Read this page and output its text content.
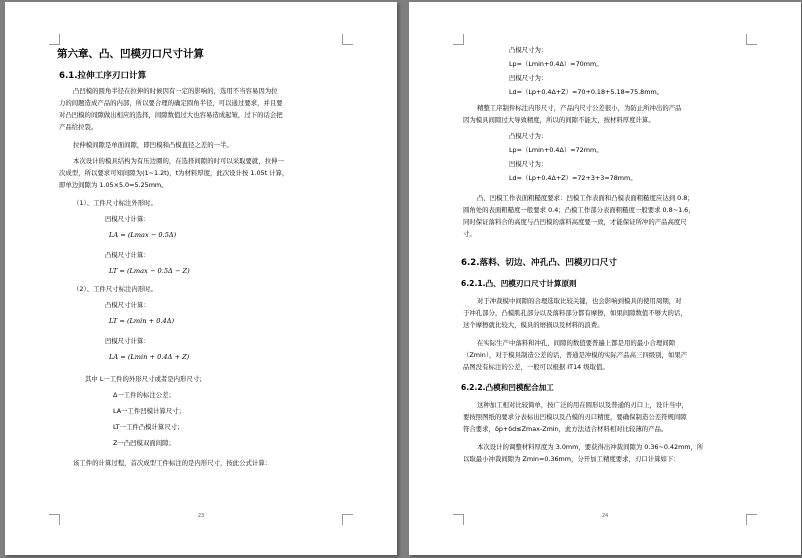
第六章、凸、凹模刃口尺寸计算
6.1.拉伸工序刃口计算
凸凹模的圆角半径在拉伸的时候因有一定的影响的，选用不当容易因为拉
力的间题造成产品的内部，所以要合理的确定圆角半径，可以通过要求，并且要
对凸凹模的间隙做出相应的选择，间隙数值过大也容易造成起皱，过下的话会把
产品给拉裂。
拉伸模间隙是单面间隙，即凹模和凸模直径之差的一半。
本次设计的模具结构为有压边圈的，在选择间隙的时可以采取要就，拉伸一
次成型，所以要求可知间隙为(1~1.2t)，t为材料厚度，此次设计按 1.05t 计算，
即单边间隙为 1.05×5.0=5.25mm。
（1）、工件尺寸标注外形时。
凹模尺寸计算：
LA = (Lmax − 0.5Δ)
凸模尺寸计算：
LT = (Lmax − 0.5Δ − Z)
（2）、工件尺寸标注内形时。
凸模尺寸计算：
LT = (Lmin + 0.4Δ)
凹模尺寸计算：
LA = (Lmin + 0.4Δ + Z)
其中 L一工件的外形尺寸或者是内形尺寸；
Δ一工件的标注公差；
LA一工件凹模计算尺寸；
LT一工件凸模计算尺寸；
Z一凸凹模双面间隙；
该工件的计算过程，首次成型工件标注的是内形尺寸，按此公式计算：
23
凸模尺寸为：
Lp=（Lmin+0.4Δ）=70mm。
凹模尺寸为：
Ld=（Lp+0.4Δ+Z）=70+0.18+5.18=75.8mm。
精整工序制件标注内形尺寸，产品内尺寸公差很小，为防止所冲出的产品
因为模具间隙过大导致精度，所以的间隙不能大，按材料厚度计算。
凸模尺寸为：
Lp=（Lmin+0.4Δ）=72mm。
凹模尺寸为：
Ld=（Lp+0.4Δ+Z）=72+3+3=78mm。
凸、凹模工作表面粗糙度要求：凹模工作表面和凸模表面粗糙度应达到 0.8；
圆角处的表面粗糙度一般要求 0.4；凸模工作部分表面粗糙度一般要求 0.8~1.6，
同时保证落料合的高度与凸凹模的落料高度要一致，才能保证所冲的产品高度尺
寸。
6.2.落料、切边、冲孔凸、凹模刃口尺寸
6.2.1.凸、凹模刃口尺寸计算原则
对于冲裁模中间隙的合理选取比较关键，也会影响到模具的使用周期，对
于冲孔部分，凸模肌孔部分以及落料部分都有摩擦，如果间隙数值不够大的话，
这个摩擦就比较大，模具的磨损以及材料的浪费。
在实际生产中落料和冲孔，间隙的数值要普遍上都是用的最小合理间隙
（Zmin），对于模具制造公差的话，普通是冲模的实际产品高三四级别，如果产
品图没有标注的公差，一般可以根据 IT14 级取值。
6.2.2.凸模和凹模配合加工
这种加工相对比较简单，按广泛的用在圆形以及普通的刃口上，设计当中，
要按照图纸的要求分表标出凹模以及凸模的刃口精度，要确保制造公差符规间隙
符合要求，δp+δd≤Zmax-Zmin，此方法适合材料相对比较薄的产品。
本次设计的调整材料厚度为 3.0mm，要获得出冲裁间隙为 0.36~0.42mm，所
以取最小冲裁间隙为 Zmin=0.36mm，分开加工精度要求，刃口计算如下：
24
